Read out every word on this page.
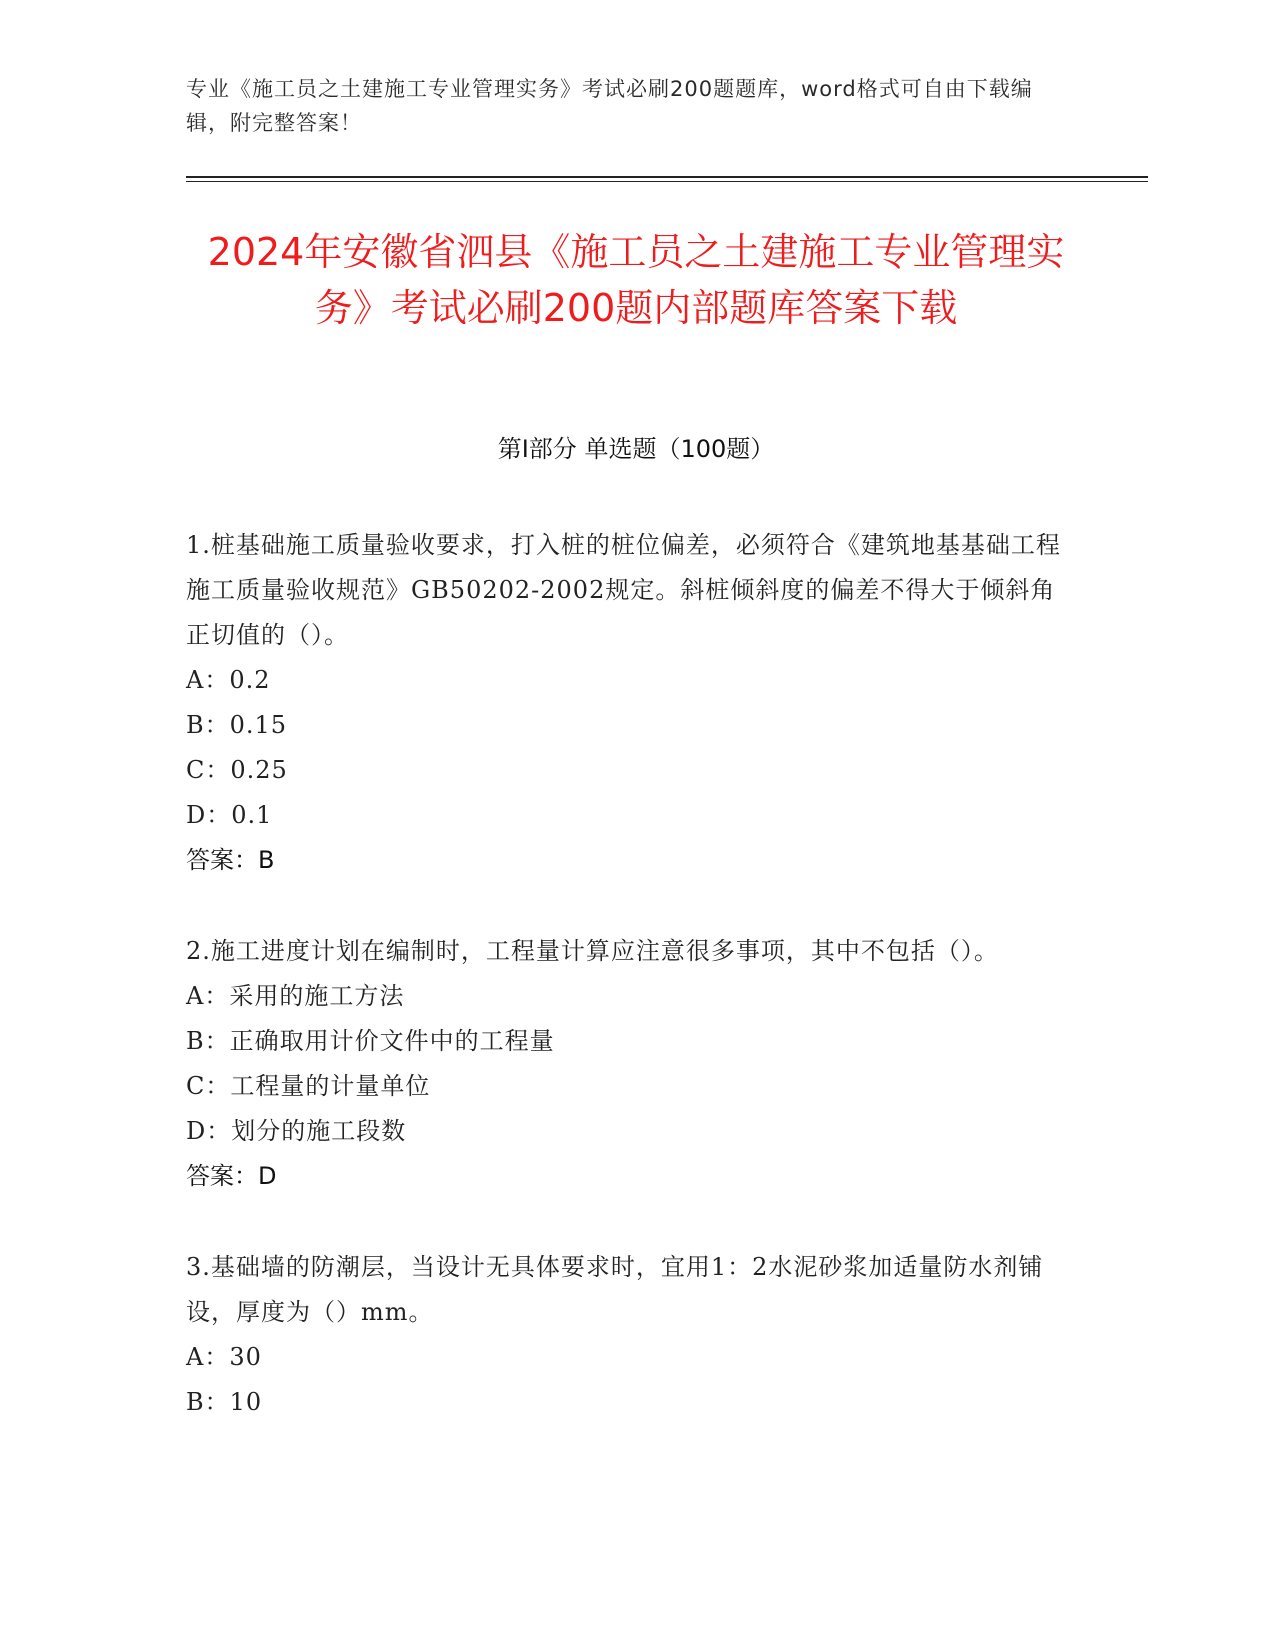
专业《施工员之土建施工专业管理实务》考试必刷200题题库，word格式可自由下载编辑，附完整答案！
2024年安徽省泗县《施工员之土建施工专业管理实务》考试必刷200题内部题库答案下载
第I部分 单选题（100题）
1.桩基础施工质量验收要求，打入桩的桩位偏差，必须符合《建筑地基基础工程施工质量验收规范》GB50202-2002规定。斜桩倾斜度的偏差不得大于倾斜角正切值的（）。
A：0.2
B：0.15
C：0.25
D：0.1
答案：B
2.施工进度计划在编制时，工程量计算应注意很多事项，其中不包括（）。
A：采用的施工方法
B：正确取用计价文件中的工程量
C：工程量的计量单位
D：划分的施工段数
答案：D
3.基础墙的防潮层，当设计无具体要求时，宜用1：2水泥砂浆加适量防水剂铺设，厚度为（）mm。
A：30
B：10
